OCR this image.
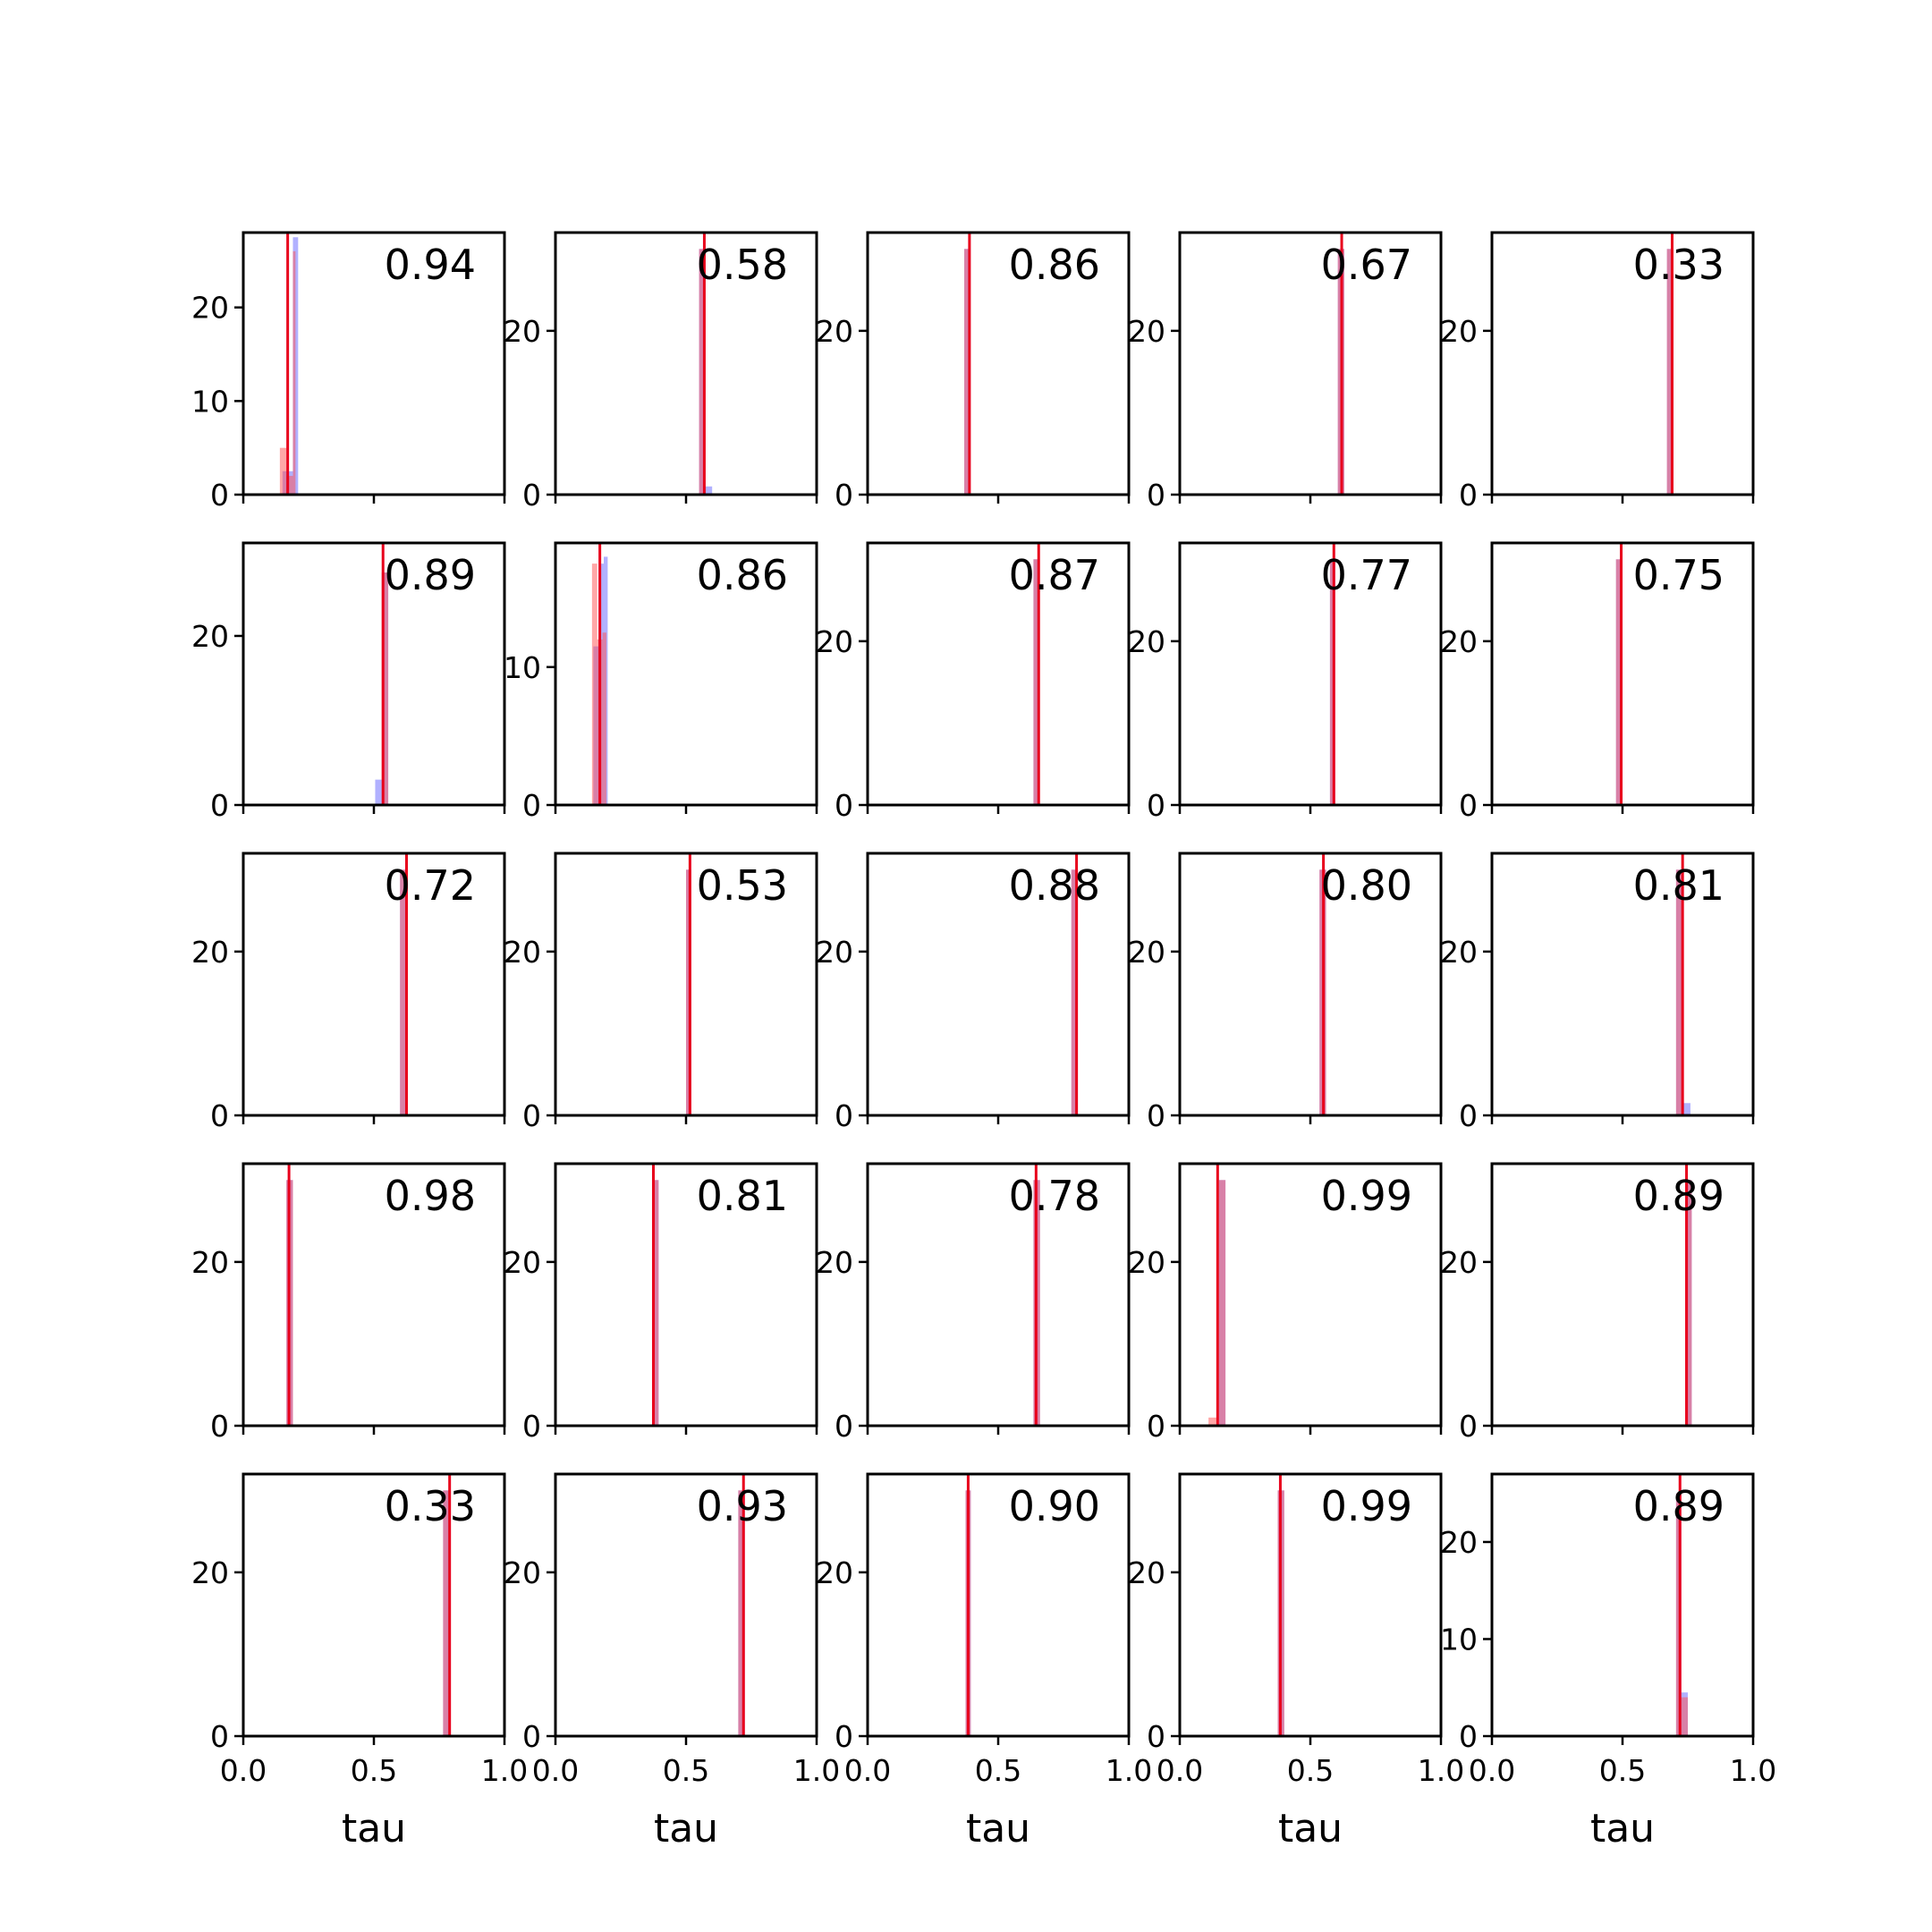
0
10
20
0.94
0
20
0.58
0
20
0.86
0
20
0.67
0
20
0.33
0
20
0.89
0
10
0.86
0
20
0.87
0
20
0.77
0
20
0.75
0
20
0.72
0
20
0.53
0
20
0.88
0
20
0.80
0
20
0.81
0
20
0.98
0
20
0.81
0
20
0.78
0
20
0.99
0
20
0.89
0
20
0.0	0.5	1.0
tau
0.33
0
20
0.0	0.5	1.0
tau
0.93
0
20
0.0	0.5	1.0
tau
0.90
0
20
0.0	0.5	1.0
tau
0.99
0
10
20
0.0	0.5	1.0
tau
0.89
